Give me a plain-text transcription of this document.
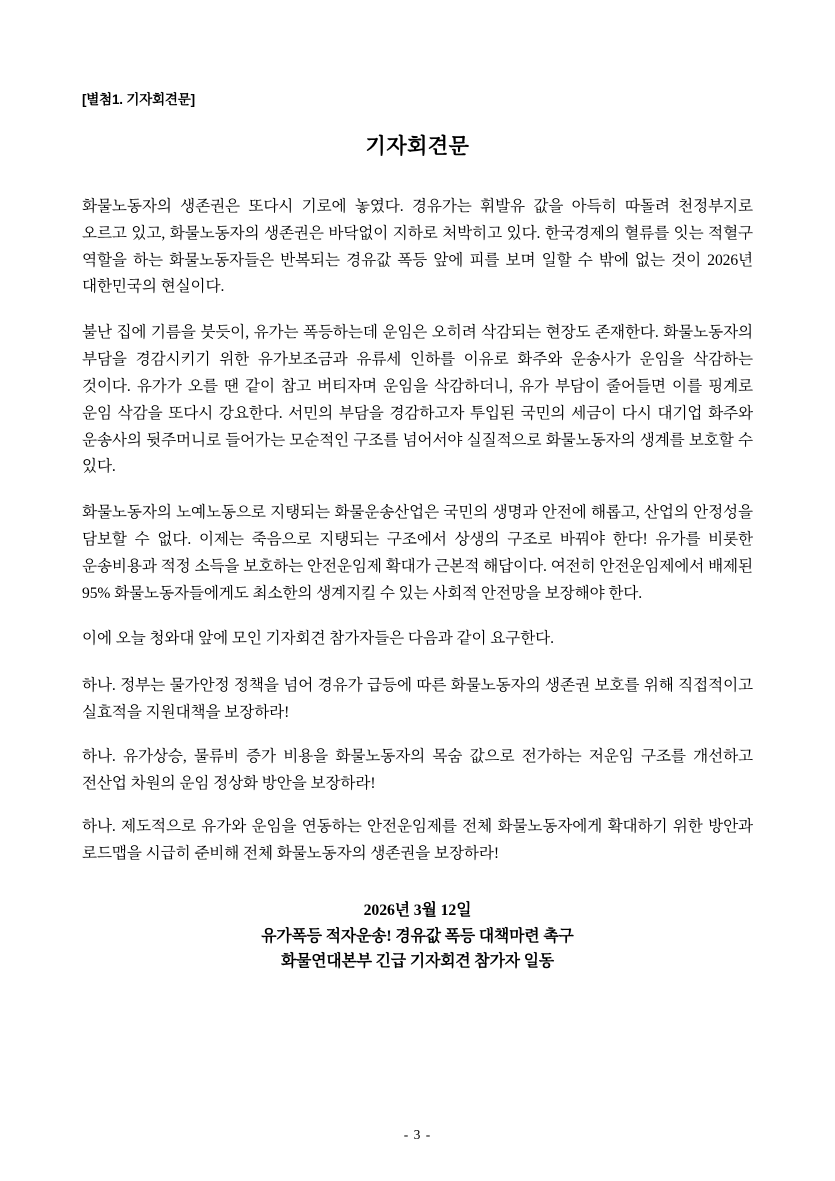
[별첨1. 기자회견문]
기자회견문

화물노동자의 생존권은 또다시 기로에 놓였다. 경유가는 휘발유 값을 아득히 따돌려 천정부지로 오르고 있고, 화물노동자의 생존권은 바닥없이 지하로 처박히고 있다. 한국경제의 혈류를 잇는 적혈구 역할을 하는 화물노동자들은 반복되는 경유값 폭등 앞에 피를 보며 일할 수 밖에 없는 것이 2026년 대한민국의 현실이다.

불난 집에 기름을 붓듯이, 유가는 폭등하는데 운임은 오히려 삭감되는 현장도 존재한다. 화물노동자의 부담을 경감시키기 위한 유가보조금과 유류세 인하를 이유로 화주와 운송사가 운임을 삭감하는 것이다. 유가가 오를 땐 같이 참고 버티자며 운임을 삭감하더니, 유가 부담이 줄어들면 이를 핑계로 운임 삭감을 또다시 강요한다. 서민의 부담을 경감하고자 투입된 국민의 세금이 다시 대기업 화주와 운송사의 뒷주머니로 들어가는 모순적인 구조를 넘어서야 실질적으로 화물노동자의 생계를 보호할 수 있다.

화물노동자의 노예노동으로 지탱되는 화물운송산업은 국민의 생명과 안전에 해롭고, 산업의 안정성을 담보할 수 없다. 이제는 죽음으로 지탱되는 구조에서 상생의 구조로 바꿔야 한다! 유가를 비롯한 운송비용과 적정 소득을 보호하는 안전운임제 확대가 근본적 해답이다. 여전히 안전운임제에서 배제된 95% 화물노동자들에게도 최소한의 생계지킬 수 있는 사회적 안전망을 보장해야 한다.

이에 오늘 청와대 앞에 모인 기자회견 참가자들은 다음과 같이 요구한다.

하나. 정부는 물가안정 정책을 넘어 경유가 급등에 따른 화물노동자의 생존권 보호를 위해 직접적이고 실효적을 지원대책을 보장하라!

하나. 유가상승, 물류비 증가 비용을 화물노동자의 목숨 값으로 전가하는 저운임 구조를 개선하고 전산업 차원의 운임 정상화 방안을 보장하라!

하나. 제도적으로 유가와 운임을 연동하는 안전운임제를 전체 화물노동자에게 확대하기 위한 방안과 로드맵을 시급히 준비해 전체 화물노동자의 생존권을 보장하라!

2026년 3월 12일
유가폭등 적자운송! 경유값 폭등 대책마련 촉구
화물연대본부 긴급 기자회견 참가자 일동
- 3 -
